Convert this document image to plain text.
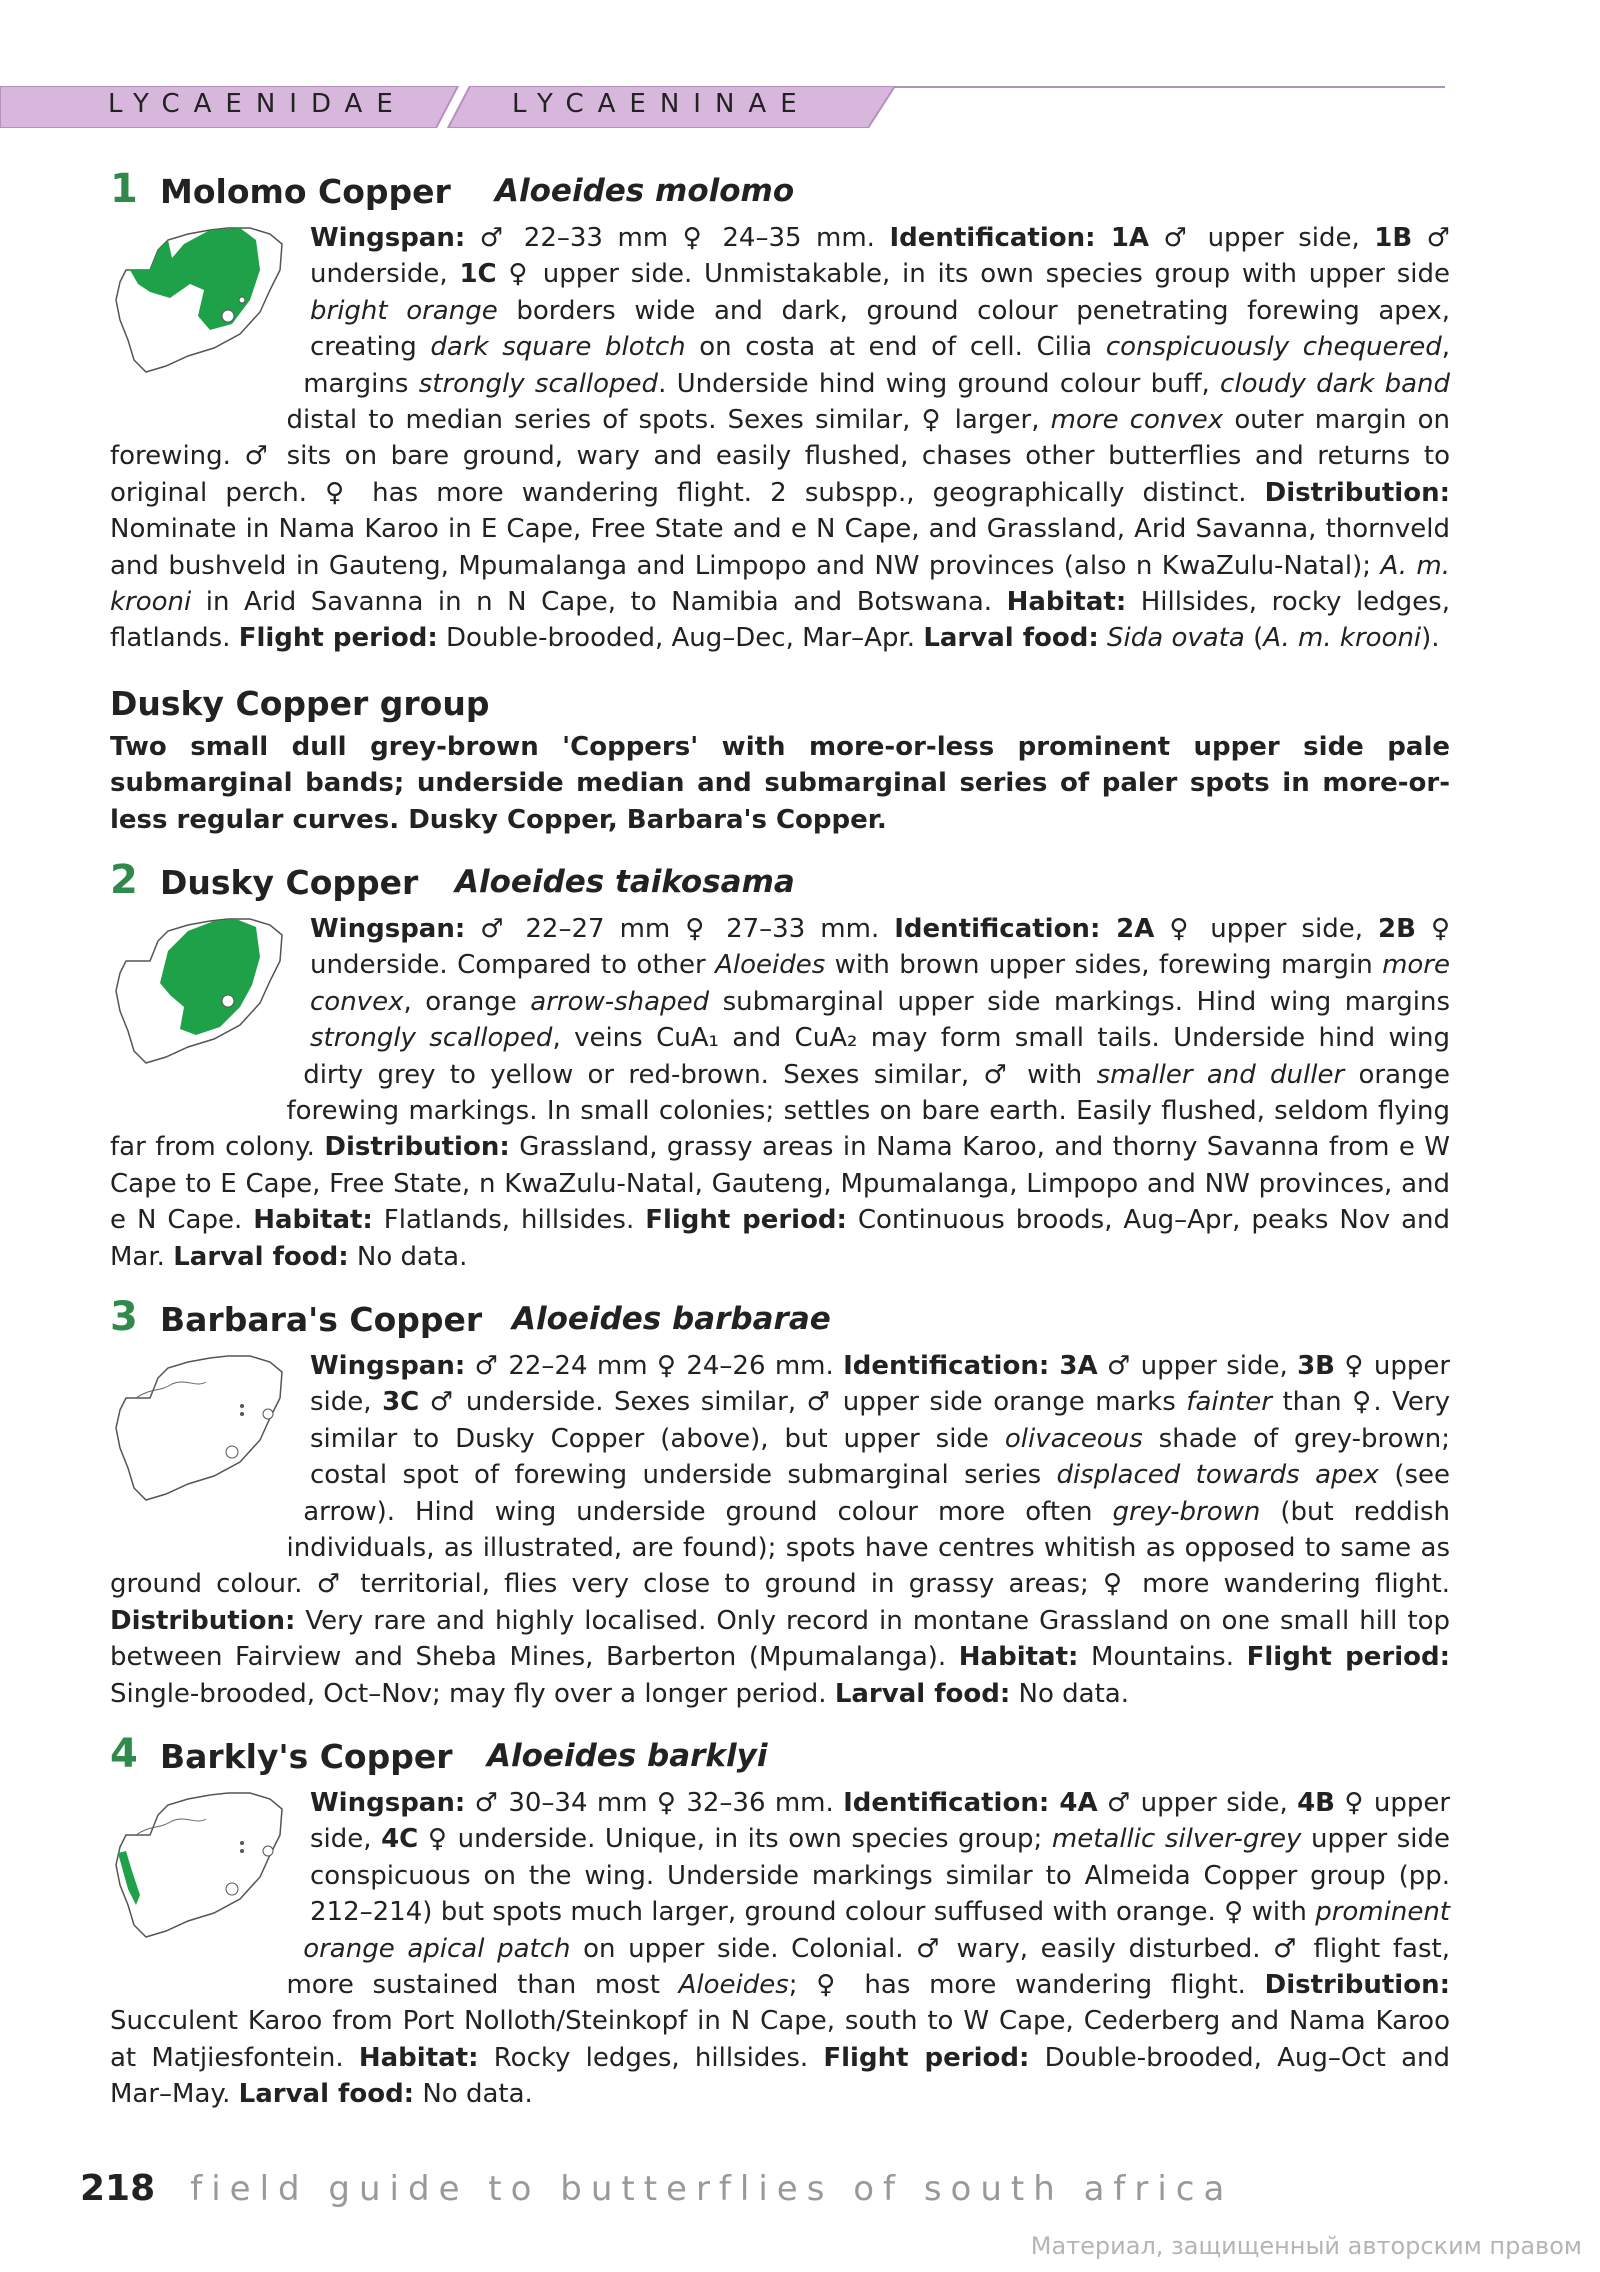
LYCAENIDAE	LYCAENINAE
1 Molomo Copper Aloeides molomo
Wingspan: ♂ 22–33 mm ♀ 24–35 mm. Identification: 1A ♂ upper side, 1B ♂ underside, 1C ♀ upper side. Unmistakable, in its own species group with upper side bright orange borders wide and dark, ground colour penetrating forewing apex, creating dark square blotch on costa at end of cell. Cilia conspicuously chequered, margins strongly scalloped. Underside hind wing ground colour buff, cloudy dark band distal to median series of spots. Sexes similar, ♀ larger, more convex outer margin on forewing. ♂ sits on bare ground, wary and easily flushed, chases other butterflies and returns to original perch. ♀ has more wandering flight. 2 subspp., geographically distinct. Distribution: Nominate in Nama Karoo in E Cape, Free State and e N Cape, and Grassland, Arid Savanna, thornveld and bushveld in Gauteng, Mpumalanga and Limpopo and NW provinces (also n KwaZulu-Natal); A. m. krooni in Arid Savanna in n N Cape, to Namibia and Botswana. Habitat: Hillsides, rocky ledges, flatlands. Flight period: Double-brooded, Aug–Dec, Mar–Apr. Larval food: Sida ovata (A. m. krooni).
Dusky Copper group

Two small dull grey-brown 'Coppers' with more-or-less prominent upper side pale submarginal bands; underside median and submarginal series of paler spots in more-or-less regular curves. Dusky Copper, Barbara's Copper.

2 Dusky Copper Aloeides taikosama
Wingspan: ♂ 22–27 mm ♀ 27–33 mm. Identification: 2A ♀ upper side, 2B ♀ underside. Compared to other Aloeides with brown upper sides, forewing margin more convex, orange arrow-shaped submarginal upper side markings. Hind wing margins strongly scalloped, veins CuA₁ and CuA₂ may form small tails. Underside hind wing dirty grey to yellow or red-brown. Sexes similar, ♂ with smaller and duller orange forewing markings. In small colonies; settles on bare earth. Easily flushed, seldom flying far from colony. Distribution: Grassland, grassy areas in Nama Karoo, and thorny Savanna from e W Cape to E Cape, Free State, n KwaZulu-Natal, Gauteng, Mpumalanga, Limpopo and NW provinces, and e N Cape. Habitat: Flatlands, hillsides. Flight period: Continuous broods, Aug–Apr, peaks Nov and Mar. Larval food: No data.
3 Barbara's Copper Aloeides barbarae
Wingspan: ♂ 22–24 mm ♀ 24–26 mm. Identification: 3A ♂ upper side, 3B ♀ upper side, 3C ♂ underside. Sexes similar, ♂ upper side orange marks fainter than ♀. Very similar to Dusky Copper (above), but upper side olivaceous shade of grey-brown; costal spot of forewing underside submarginal series displaced towards apex (see arrow). Hind wing underside ground colour more often grey-brown (but reddish individuals, as illustrated, are found); spots have centres whitish as opposed to same as ground colour. ♂ territorial, flies very close to ground in grassy areas; ♀ more wandering flight. Distribution: Very rare and highly localised. Only record in montane Grassland on one small hill top between Fairview and Sheba Mines, Barberton (Mpumalanga). Habitat: Mountains. Flight period: Single-brooded, Oct–Nov; may fly over a longer period. Larval food: No data.
4 Barkly's Copper Aloeides barklyi
Wingspan: ♂ 30–34 mm ♀ 32–36 mm. Identification: 4A ♂ upper side, 4B ♀ upper side, 4C ♀ underside. Unique, in its own species group; metallic silver-grey upper side conspicuous on the wing. Underside markings similar to Almeida Copper group (pp. 212–214) but spots much larger, ground colour suffused with orange. ♀ with prominent orange apical patch on upper side. Colonial. ♂ wary, easily disturbed. ♂ flight fast, more sustained than most Aloeides; ♀ has more wandering flight. Distribution: Succulent Karoo from Port Nolloth/Steinkopf in N Cape, south to W Cape, Cederberg and Nama Karoo at Matjiesfontein. Habitat: Rocky ledges, hillsides. Flight period: Double-brooded, Aug–Oct and Mar–May. Larval food: No data.
218 field guide to butterflies of south africa
Материал, защищенный авторским правом
